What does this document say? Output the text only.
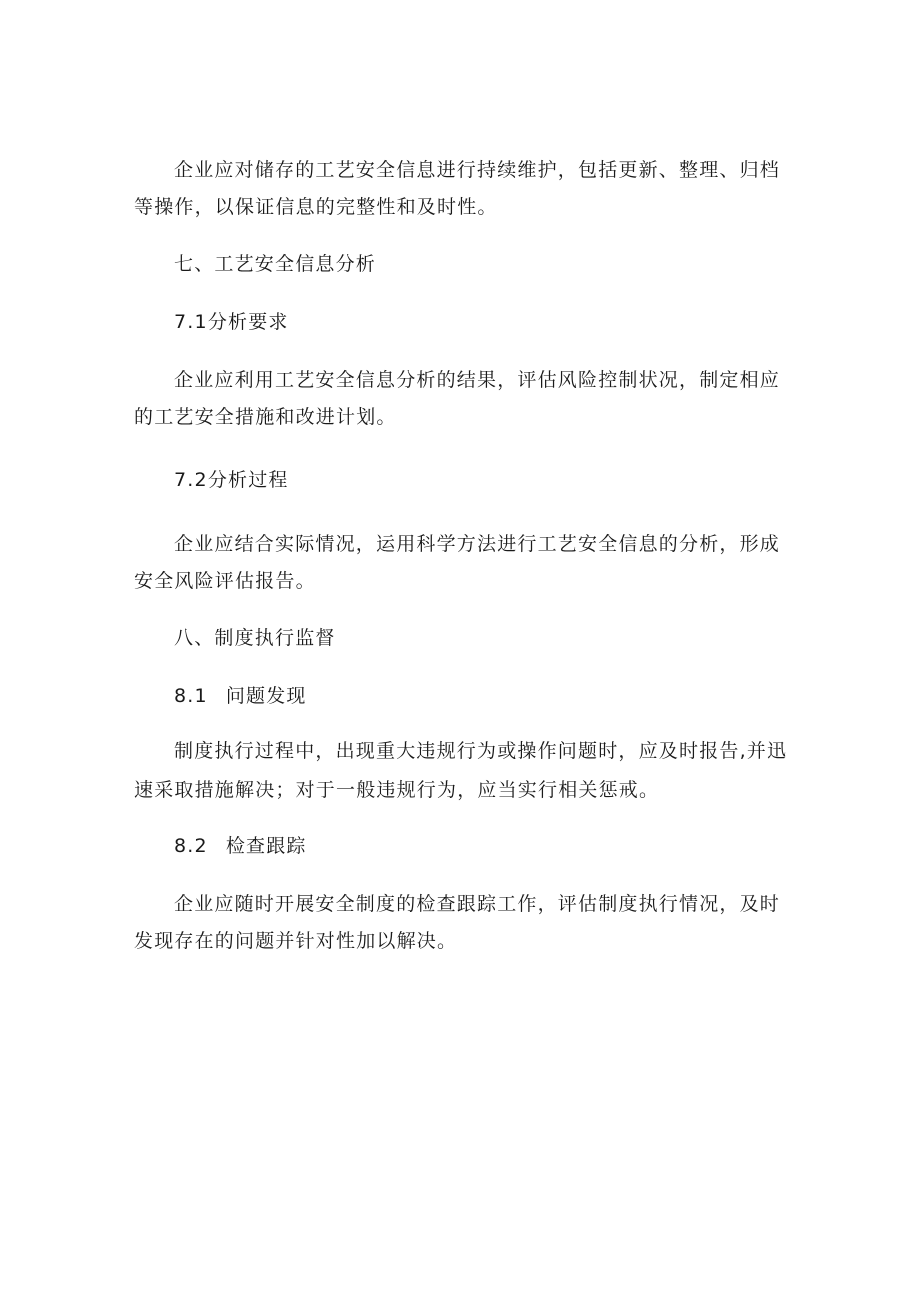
企业应对储存的工艺安全信息进行持续维护，包括更新、整理、归档
等操作，以保证信息的完整性和及时性。
七、工艺安全信息分析
7.1分析要求
企业应利用工艺安全信息分析的结果，评估风险控制状况，制定相应
的工艺安全措施和改进计划。
7.2分析过程
企业应结合实际情况，运用科学方法进行工艺安全信息的分析，形成
安全风险评估报告。
八、制度执行监督
8.1 问题发现
制度执行过程中，出现重大违规行为或操作问题时，应及时报告,并迅
速采取措施解决；对于一般违规行为，应当实行相关惩戒。
8.2 检查跟踪
企业应随时开展安全制度的检查跟踪工作，评估制度执行情况，及时
发现存在的问题并针对性加以解决。
